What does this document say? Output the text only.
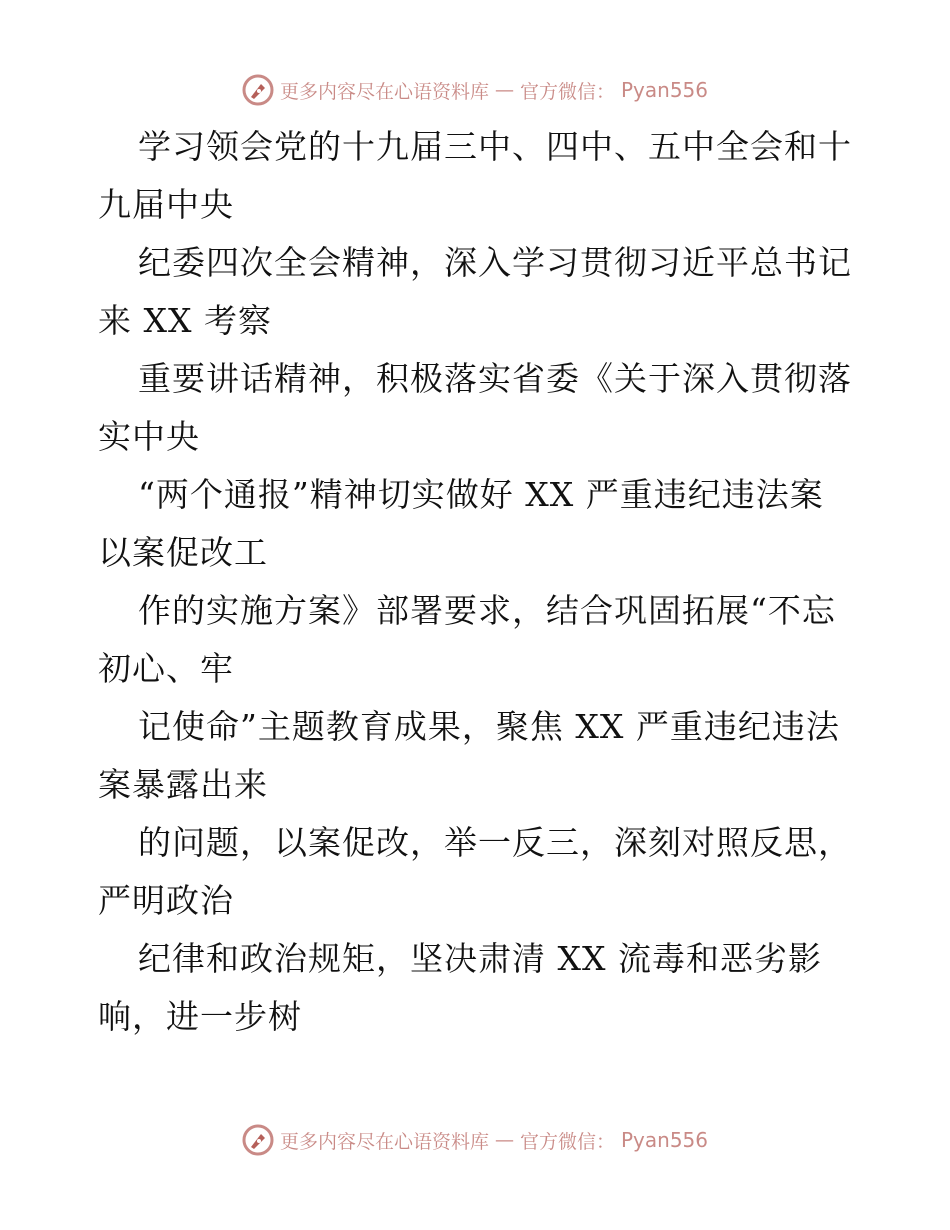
更多内容尽在心语资料库 — 官方微信： Pyan556

学习领会党的十九届三中、四中、五中全会和十

九届中央

纪委四次全会精神，深入学习贯彻习近平总书记

来 XX 考察

重要讲话精神，积极落实省委《关于深入贯彻落

实中央

“两个通报”精神切实做好 XX 严重违纪违法案

以案促改工

作的实施方案》部署要求，结合巩固拓展“不忘

初心、牢

记使命”主题教育成果，聚焦 XX 严重违纪违法

案暴露出来

的问题，以案促改，举一反三，深刻对照反思，

严明政治

纪律和政治规矩，坚决肃清 XX 流毒和恶劣影

响，进一步树

更多内容尽在心语资料库 — 官方微信： Pyan556
